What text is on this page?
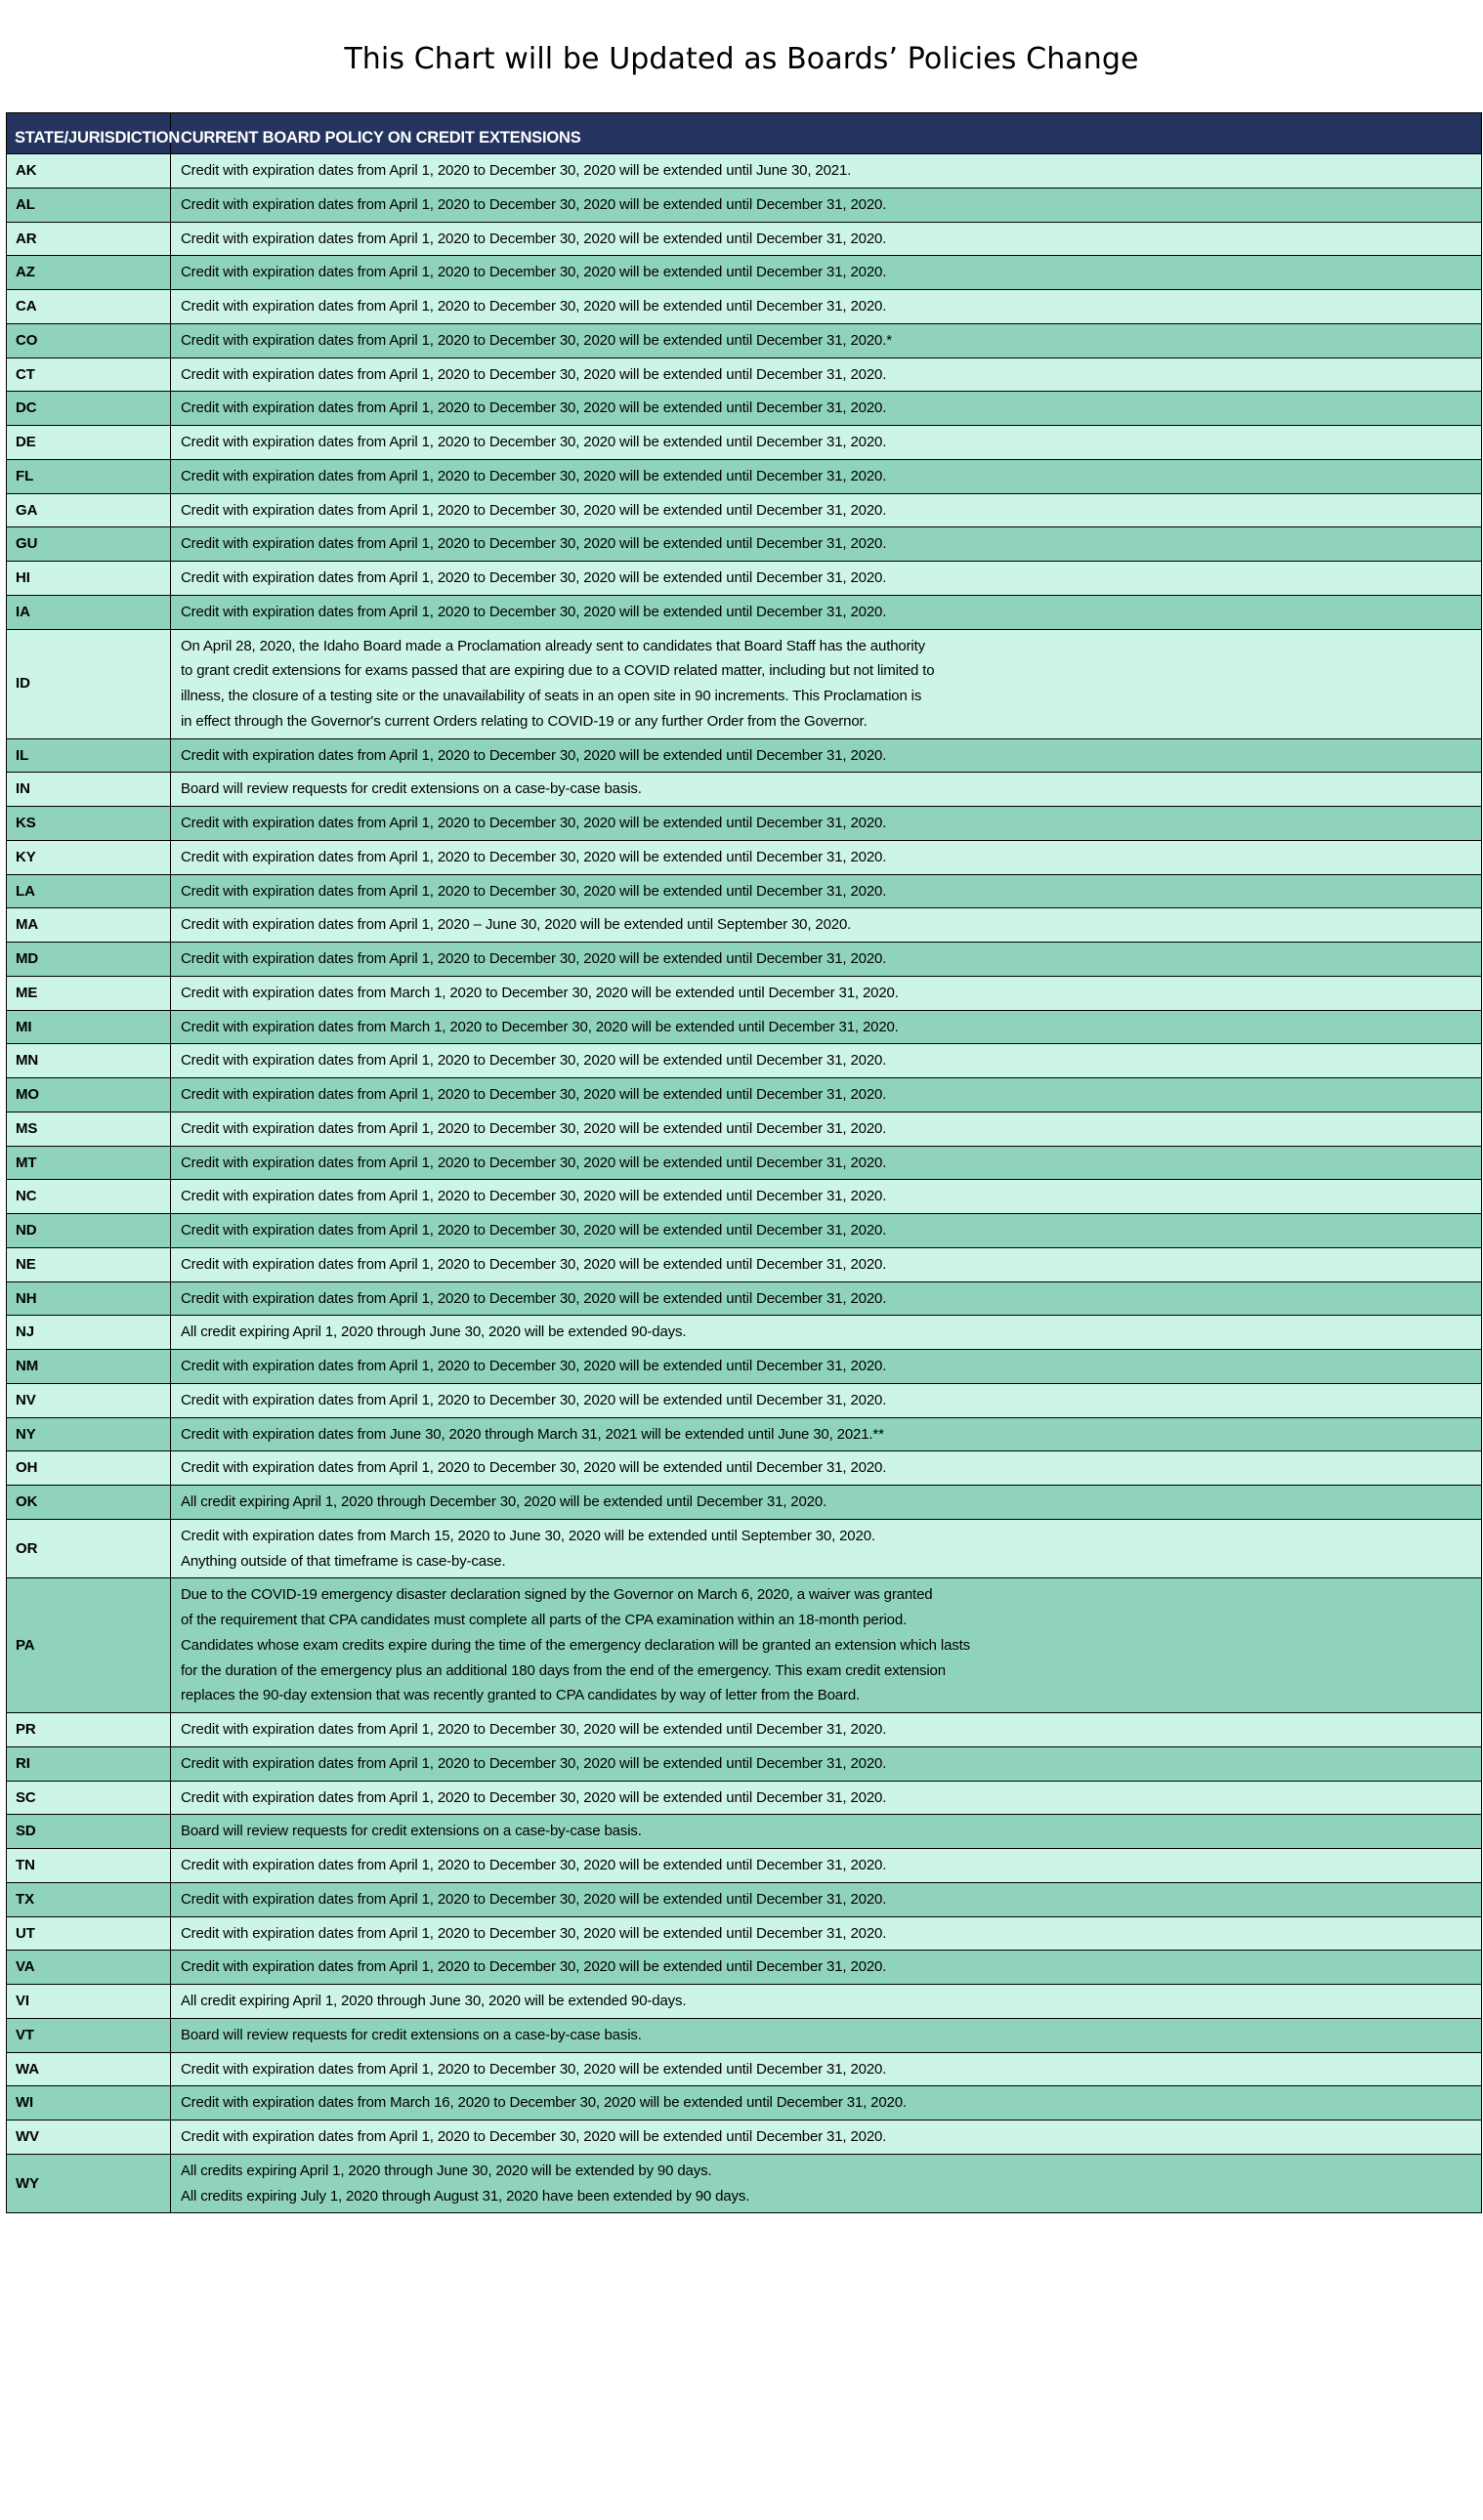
This Chart will be Updated as Boards’ Policies Change
STATE/JURISDICTION	CURRENT BOARD POLICY ON CREDIT EXTENSIONS
AK	Credit with expiration dates from April 1, 2020 to December 30, 2020 will be extended until June 30, 2021.

AL	Credit with expiration dates from April 1, 2020 to December 30, 2020 will be extended until December 31, 2020.

AR	Credit with expiration dates from April 1, 2020 to December 30, 2020 will be extended until December 31, 2020.

AZ	Credit with expiration dates from April 1, 2020 to December 30, 2020 will be extended until December 31, 2020.

CA	Credit with expiration dates from April 1, 2020 to December 30, 2020 will be extended until December 31, 2020.

CO	Credit with expiration dates from April 1, 2020 to December 30, 2020 will be extended until December 31, 2020.*

CT	Credit with expiration dates from April 1, 2020 to December 30, 2020 will be extended until December 31, 2020.

DC	Credit with expiration dates from April 1, 2020 to December 30, 2020 will be extended until December 31, 2020.

DE	Credit with expiration dates from April 1, 2020 to December 30, 2020 will be extended until December 31, 2020.

FL	Credit with expiration dates from April 1, 2020 to December 30, 2020 will be extended until December 31, 2020.

GA	Credit with expiration dates from April 1, 2020 to December 30, 2020 will be extended until December 31, 2020.

GU	Credit with expiration dates from April 1, 2020 to December 30, 2020 will be extended until December 31, 2020.

HI	Credit with expiration dates from April 1, 2020 to December 30, 2020 will be extended until December 31, 2020.

IA	Credit with expiration dates from April 1, 2020 to December 30, 2020 will be extended until December 31, 2020.

ID	On April 28, 2020, the Idaho Board made a Proclamation already sent to candidates that Board Staff has the authority

to grant credit extensions for exams passed that are expiring due to a COVID related matter, including but not limited to

illness, the closure of a testing site or the unavailability of seats in an open site in 90 increments. This Proclamation is

in effect through the Governor's current Orders relating to COVID-19 or any further Order from the Governor.

IL	Credit with expiration dates from April 1, 2020 to December 30, 2020 will be extended until December 31, 2020.

IN	Board will review requests for credit extensions on a case-by-case basis.

KS	Credit with expiration dates from April 1, 2020 to December 30, 2020 will be extended until December 31, 2020.

KY	Credit with expiration dates from April 1, 2020 to December 30, 2020 will be extended until December 31, 2020.

LA	Credit with expiration dates from April 1, 2020 to December 30, 2020 will be extended until December 31, 2020.

MA	Credit with expiration dates from April 1, 2020 – June 30, 2020 will be extended until September 30, 2020.

MD	Credit with expiration dates from April 1, 2020 to December 30, 2020 will be extended until December 31, 2020.

ME	Credit with expiration dates from March 1, 2020 to December 30, 2020 will be extended until December 31, 2020.

MI	Credit with expiration dates from March 1, 2020 to December 30, 2020 will be extended until December 31, 2020.

MN	Credit with expiration dates from April 1, 2020 to December 30, 2020 will be extended until December 31, 2020.

MO	Credit with expiration dates from April 1, 2020 to December 30, 2020 will be extended until December 31, 2020.

MS	Credit with expiration dates from April 1, 2020 to December 30, 2020 will be extended until December 31, 2020.

MT	Credit with expiration dates from April 1, 2020 to December 30, 2020 will be extended until December 31, 2020.

NC	Credit with expiration dates from April 1, 2020 to December 30, 2020 will be extended until December 31, 2020.

ND	Credit with expiration dates from April 1, 2020 to December 30, 2020 will be extended until December 31, 2020.

NE	Credit with expiration dates from April 1, 2020 to December 30, 2020 will be extended until December 31, 2020.

NH	Credit with expiration dates from April 1, 2020 to December 30, 2020 will be extended until December 31, 2020.

NJ	All credit expiring April 1, 2020 through June 30, 2020 will be extended 90-days.

NM	Credit with expiration dates from April 1, 2020 to December 30, 2020 will be extended until December 31, 2020.

NV	Credit with expiration dates from April 1, 2020 to December 30, 2020 will be extended until December 31, 2020.

NY	Credit with expiration dates from June 30, 2020 through March 31, 2021 will be extended until June 30, 2021.**

OH	Credit with expiration dates from April 1, 2020 to December 30, 2020 will be extended until December 31, 2020.

OK	All credit expiring April 1, 2020 through December 30, 2020 will be extended until December 31, 2020.

OR	Credit with expiration dates from March 15, 2020 to June 30, 2020 will be extended until September 30, 2020.

Anything outside of that timeframe is case-by-case.

PA	Due to the COVID-19 emergency disaster declaration signed by the Governor on March 6, 2020, a waiver was granted

of the requirement that CPA candidates must complete all parts of the CPA examination within an 18-month period.

Candidates whose exam credits expire during the time of the emergency declaration will be granted an extension which lasts

for the duration of the emergency plus an additional 180 days from the end of the emergency. This exam credit extension

replaces the 90-day extension that was recently granted to CPA candidates by way of letter from the Board.

PR	Credit with expiration dates from April 1, 2020 to December 30, 2020 will be extended until December 31, 2020.

RI	Credit with expiration dates from April 1, 2020 to December 30, 2020 will be extended until December 31, 2020.

SC	Credit with expiration dates from April 1, 2020 to December 30, 2020 will be extended until December 31, 2020.

SD	Board will review requests for credit extensions on a case-by-case basis.

TN	Credit with expiration dates from April 1, 2020 to December 30, 2020 will be extended until December 31, 2020.

TX	Credit with expiration dates from April 1, 2020 to December 30, 2020 will be extended until December 31, 2020.

UT	Credit with expiration dates from April 1, 2020 to December 30, 2020 will be extended until December 31, 2020.

VA	Credit with expiration dates from April 1, 2020 to December 30, 2020 will be extended until December 31, 2020.

VI	All credit expiring April 1, 2020 through June 30, 2020 will be extended 90-days.

VT	Board will review requests for credit extensions on a case-by-case basis.

WA	Credit with expiration dates from April 1, 2020 to December 30, 2020 will be extended until December 31, 2020.

WI	Credit with expiration dates from March 16, 2020 to December 30, 2020 will be extended until December 31, 2020.

WV	Credit with expiration dates from April 1, 2020 to December 30, 2020 will be extended until December 31, 2020.

WY	All credits expiring April 1, 2020 through June 30, 2020 will be extended by 90 days.

All credits expiring July 1, 2020 through August 31, 2020 have been extended by 90 days.
